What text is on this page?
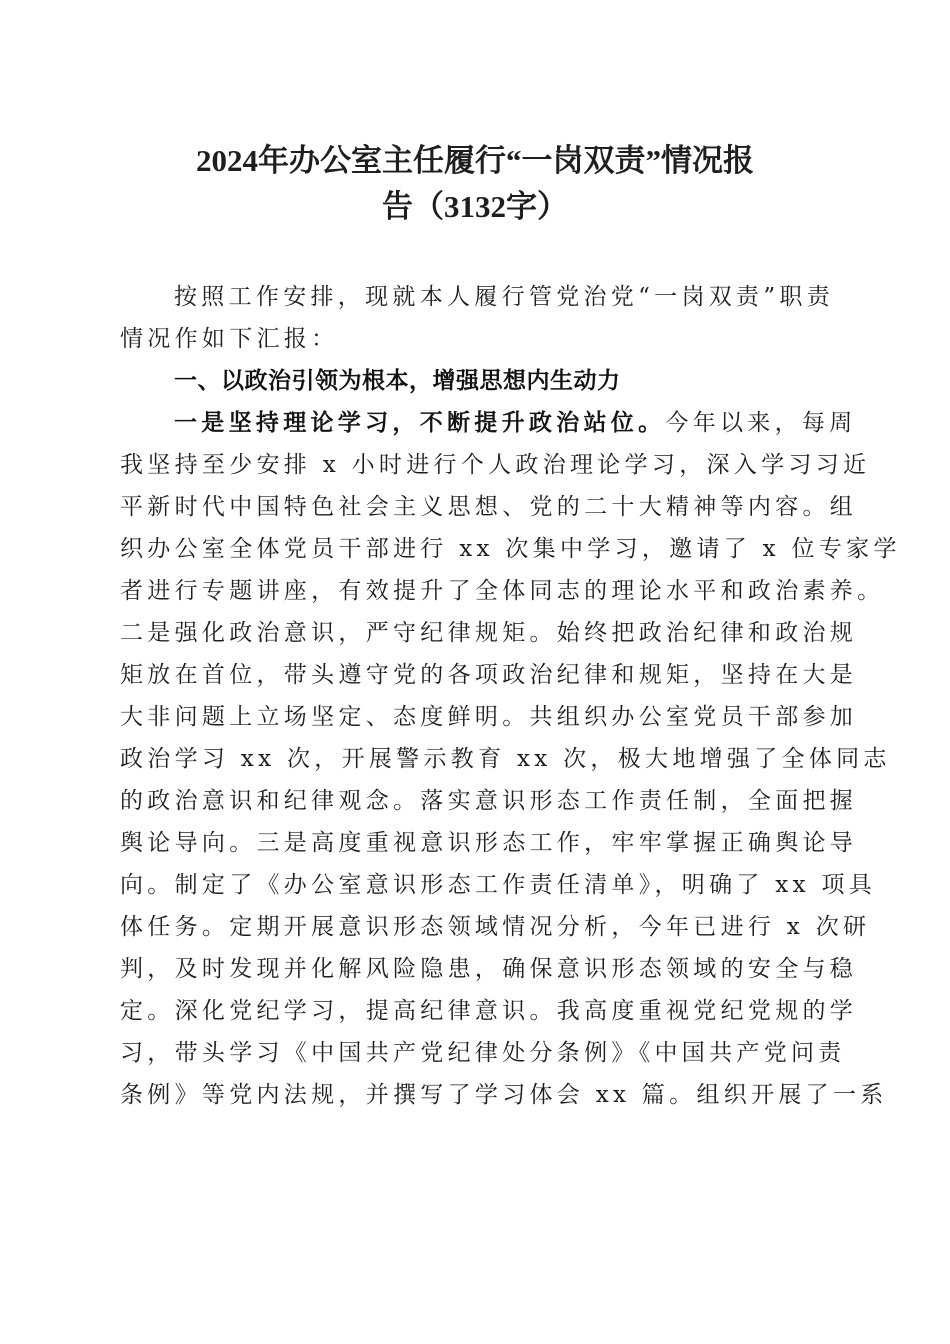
2024年办公室主任履行“一岗双责”情况报
告（3132字）
按照工作安排，现就本人履行管党治党“一岗双责”职责
情况作如下汇报：
一、以政治引领为根本，增强思想内生动力
一是坚持理论学习，不断提升政治站位。今年以来，每周
我坚持至少安排 x 小时进行个人政治理论学习，深入学习习近
平新时代中国特色社会主义思想、党的二十大精神等内容。组
织办公室全体党员干部进行 xx 次集中学习，邀请了 x 位专家学
者进行专题讲座，有效提升了全体同志的理论水平和政治素养。
二是强化政治意识，严守纪律规矩。始终把政治纪律和政治规
矩放在首位，带头遵守党的各项政治纪律和规矩，坚持在大是
大非问题上立场坚定、态度鲜明。共组织办公室党员干部参加
政治学习 xx 次，开展警示教育 xx 次，极大地增强了全体同志
的政治意识和纪律观念。落实意识形态工作责任制，全面把握
舆论导向。三是高度重视意识形态工作，牢牢掌握正确舆论导
向。制定了《办公室意识形态工作责任清单》，明确了 xx 项具
体任务。定期开展意识形态领域情况分析，今年已进行 x 次研
判，及时发现并化解风险隐患，确保意识形态领域的安全与稳
定。深化党纪学习，提高纪律意识。我高度重视党纪党规的学
习，带头学习《中国共产党纪律处分条例》《中国共产党问责
条例》等党内法规，并撰写了学习体会 xx 篇。组织开展了一系
